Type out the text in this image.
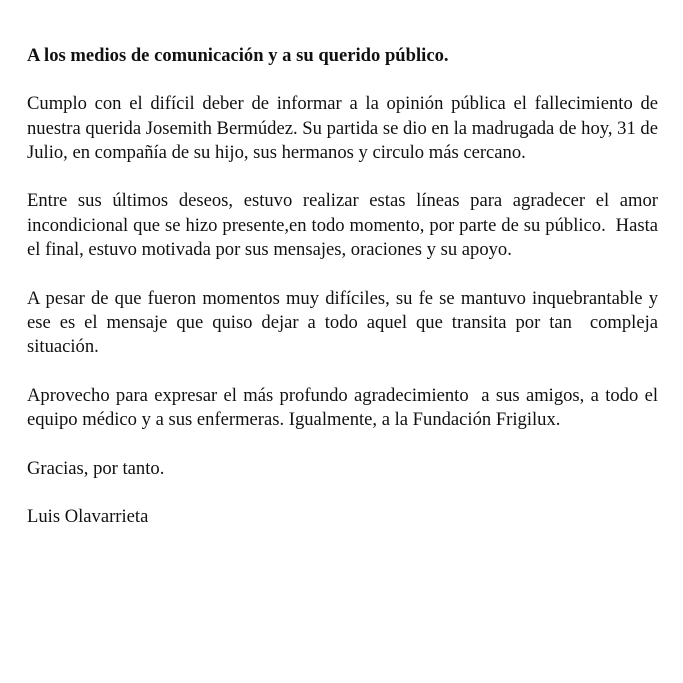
A los medios de comunicación y a su querido público.

Cumplo con el difícil deber de informar a la opinión pública el fallecimiento de nuestra querida Josemith Bermúdez. Su partida se dio en la madrugada de hoy, 31 de Julio, en compañía de su hijo, sus hermanos y circulo más cercano.

Entre sus últimos deseos, estuvo realizar estas líneas para agradecer el amor incondicional que se hizo presente,en todo momento, por parte de su público.  Hasta el final, estuvo motivada por sus mensajes, oraciones y su apoyo.

A pesar de que fueron momentos muy difíciles, su fe se mantuvo inquebrantable y ese es el mensaje que quiso dejar a todo aquel que transita por tan  compleja situación.

Aprovecho para expresar el más profundo agradecimiento  a sus amigos, a todo el equipo médico y a sus enfermeras. Igualmente, a la Fundación Frigilux.

Gracias, por tanto.

Luis Olavarrieta
